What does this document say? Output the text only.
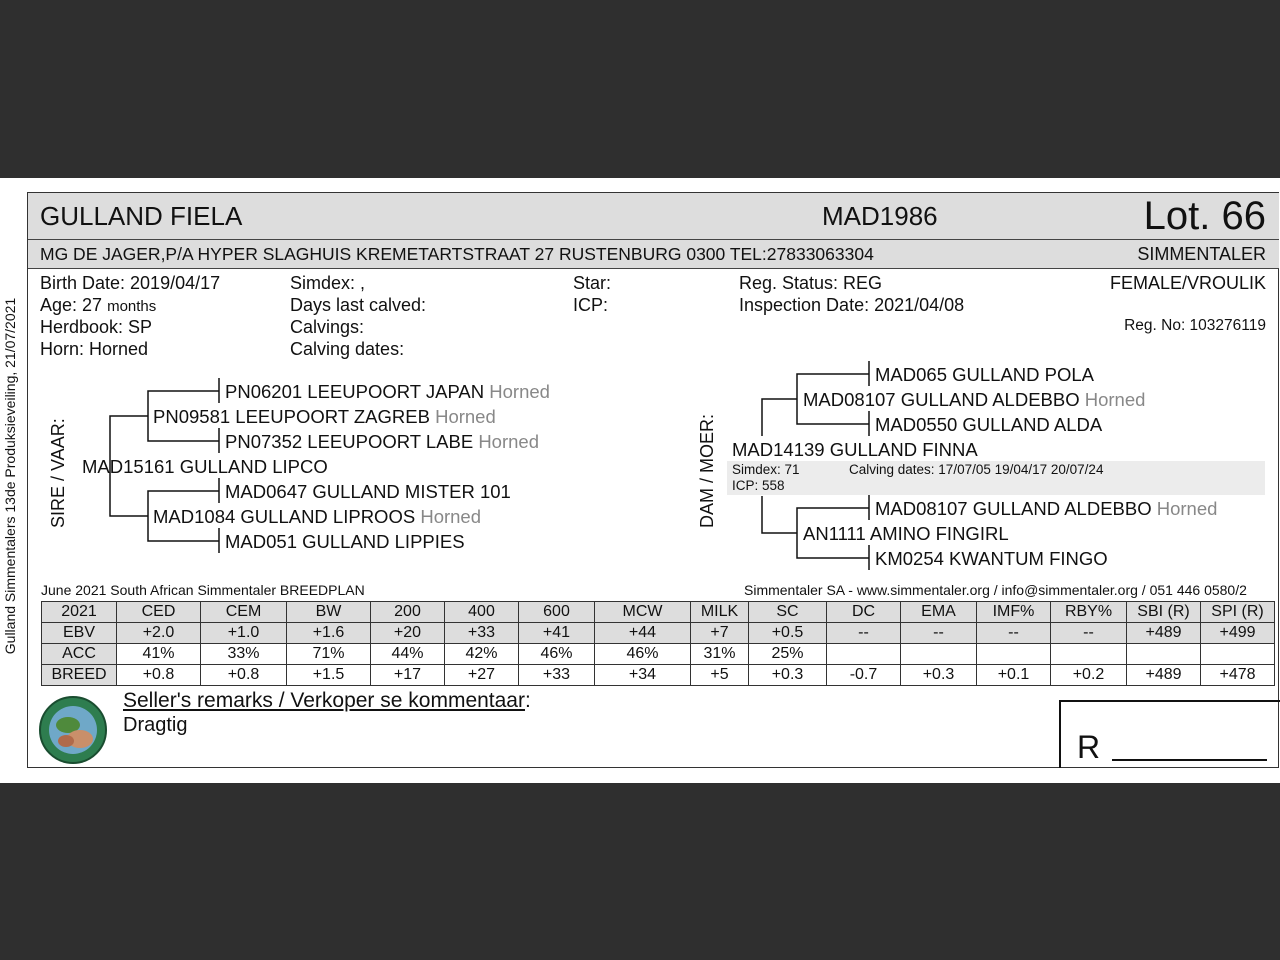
Gulland Simmentalers 13de Produksieveiling, 21/07/2021
GULLAND FIELA	MAD1986	Lot. 66
MG DE JAGER,P/A HYPER SLAGHUIS KREMETARTSTRAAT 27 RUSTENBURG 0300 TEL:27833063304	SIMMENTALER
Birth Date: 2019/04/17
Age: 27 months
Herdbook: SP
Horn: Horned
Simdex: ,
Days last calved:
Calvings:
Calving dates:
Star:
ICP:
Reg. Status: REG
Inspection Date: 2021/04/08
FEMALE/VROULIK
Reg. No: 103276119
SIRE / VAAR:
PN06201 LEEUPOORT JAPAN Horned
PN09581 LEEUPOORT ZAGREB Horned
PN07352 LEEUPOORT LABE Horned
MAD15161 GULLAND LIPCO
MAD0647 GULLAND MISTER 101
MAD1084 GULLAND LIPROOS Horned
MAD051 GULLAND LIPPIES
DAM / MOER:
MAD065 GULLAND POLA
MAD08107 GULLAND ALDEBBO Horned
MAD0550 GULLAND ALDA
MAD14139 GULLAND FINNA
Simdex: 71	Calving dates: 17/07/05 19/04/17 20/07/24
ICP: 558
MAD08107 GULLAND ALDEBBO Horned
AN1111 AMINO FINGIRL
KM0254 KWANTUM FINGO
June 2021 South African Simmentaler BREEDPLAN	Simmentaler SA - www.simmentaler.org / info@simmentaler.org / 051 446 0580/2
2021	CED	CEM	BW	200	400	600	MCW	MILK	SC	DC	EMA	IMF%	RBY%	SBI (R)	SPI (R)
EBV	+2.0	+1.0	+1.6	+20	+33	+41	+44	+7	+0.5	--	--	--	--	+489	+499
ACC	41%	33%	71%	44%	42%	46%	46%	31%	25%						
BREED	+0.8	+0.8	+1.5	+17	+27	+33	+34	+5	+0.3	-0.7	+0.3	+0.1	+0.2	+489	+478
Seller's remarks / Verkoper se kommentaar:
Dragtig
R
